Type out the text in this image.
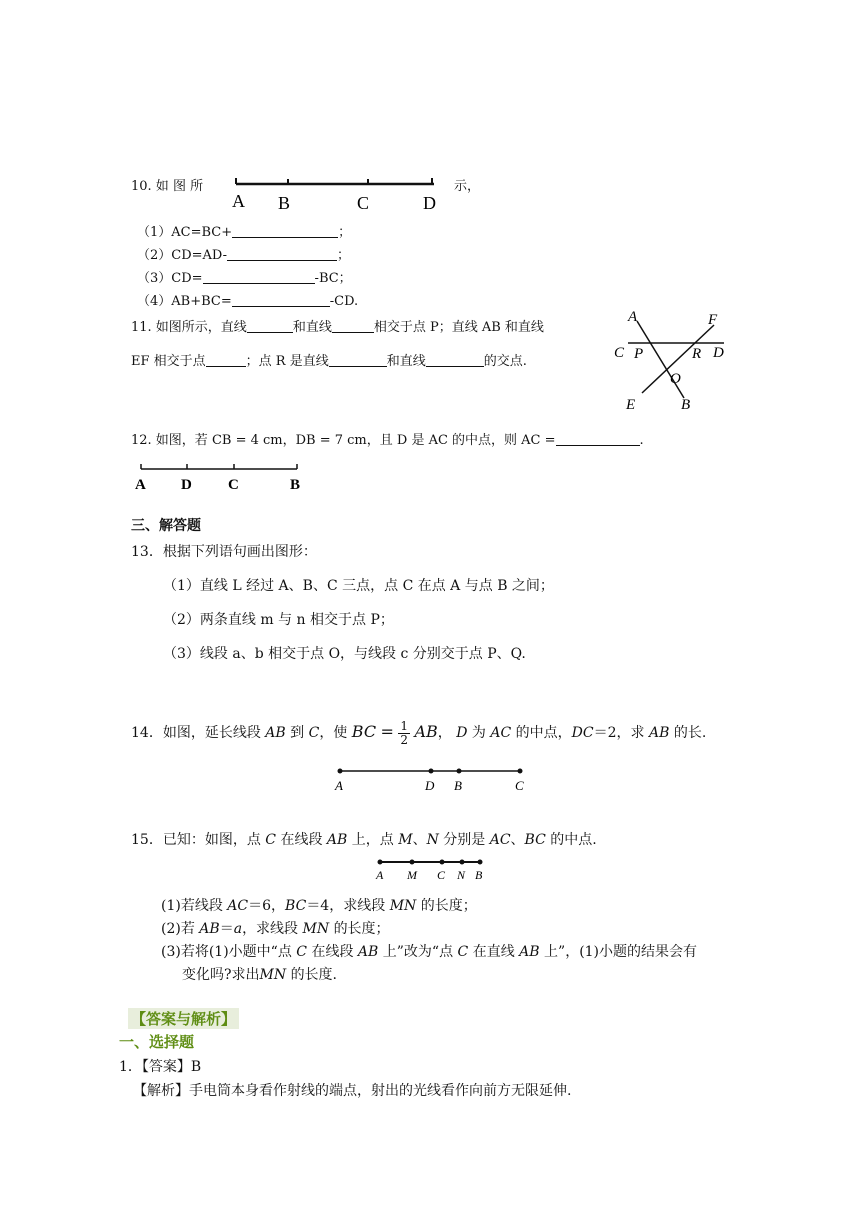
10. 如 图 所
A B	C	D
示，
（1）AC=BC+	；
（2）CD=AD-	；
（3）CD=	-BC；
（4）AB+BC=	-CD.
11. 如图所示，直线	和直线	相交于点 P；直线 AB 和直线
EF 相交于点	；点 R 是直线	和直线	的交点.
A	F
C P	R D
O
E	B
12. 如图，若 CB = 4 cm，DB = 7 cm，且 D 是 AC 的中点，则 AC =	.
A D C	B
三、解答题
13．根据下列语句画出图形：
（1）直线 L 经过 A、B、C 三点，点 C 在点 A 与点 B 之间；
（2）两条直线 m 与 n 相交于点 P；
（3）线段 a、b 相交于点 O，与线段 c 分别交于点 P、Q.
14．如图，延长线段 AB 到 C，使 BC = $\frac{1}{2}$ AB， D 为 AC 的中点，DC＝2，求 AB 的长.
A	D B	C
15．已知：如图，点 C 在线段 AB 上，点 M、N 分别是 AC、BC 的中点.
A M C N B
(1)若线段 AC＝6，BC＝4，求线段 MN 的长度；
(2)若 AB＝a，求线段 MN 的长度；
(3)若将(1)小题中“点 C 在线段 AB 上”改为“点 C 在直线 AB 上”，(1)小题的结果会有
变化吗?求出MN 的长度.
【答案与解析】
一、选择题
1．【答案】B
【解析】手电筒本身看作射线的端点，射出的光线看作向前方无限延伸.
